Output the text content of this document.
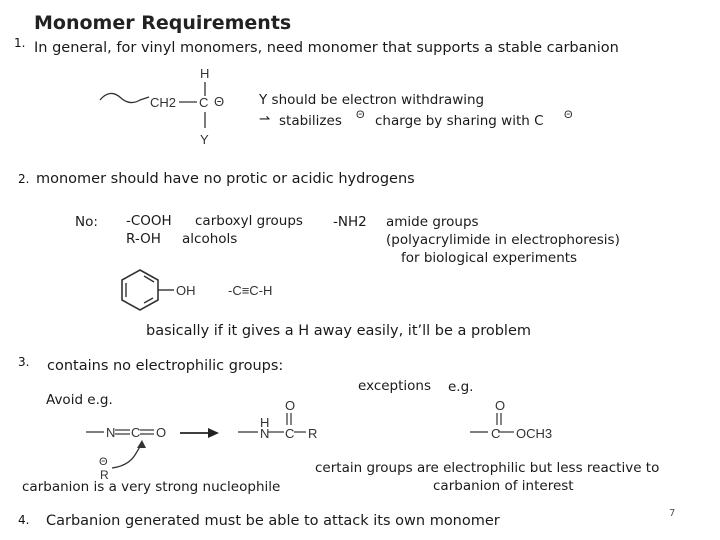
Monomer Requirements
1. In general, for vinyl monomers, need monomer that supports a stable carbanion
H
CH2 C Θ
Y
Y should be electron withdrawing
⇀ stabilizes Θ charge by sharing with C Θ
2. monomer should have no protic or acidic hydrogens
No: -COOH carboxyl groups
R-OH alcohols
-NH2 amide groups
(polyacrylimide in electrophoresis)
for biological experiments
OH	-C≡C-H
basically if it gives a H away easily, it’ll be a problem
3. contains no electrophilic groups:
Avoid e.g.
exceptions e.g.
N C O
H
N C
O
R
Θ
R
carbanion is a very strong nucleophile
O
C OCH3
certain groups are electrophilic but less reactive to
carbanion of interest
4. Carbanion generated must be able to attack its own monomer	7
